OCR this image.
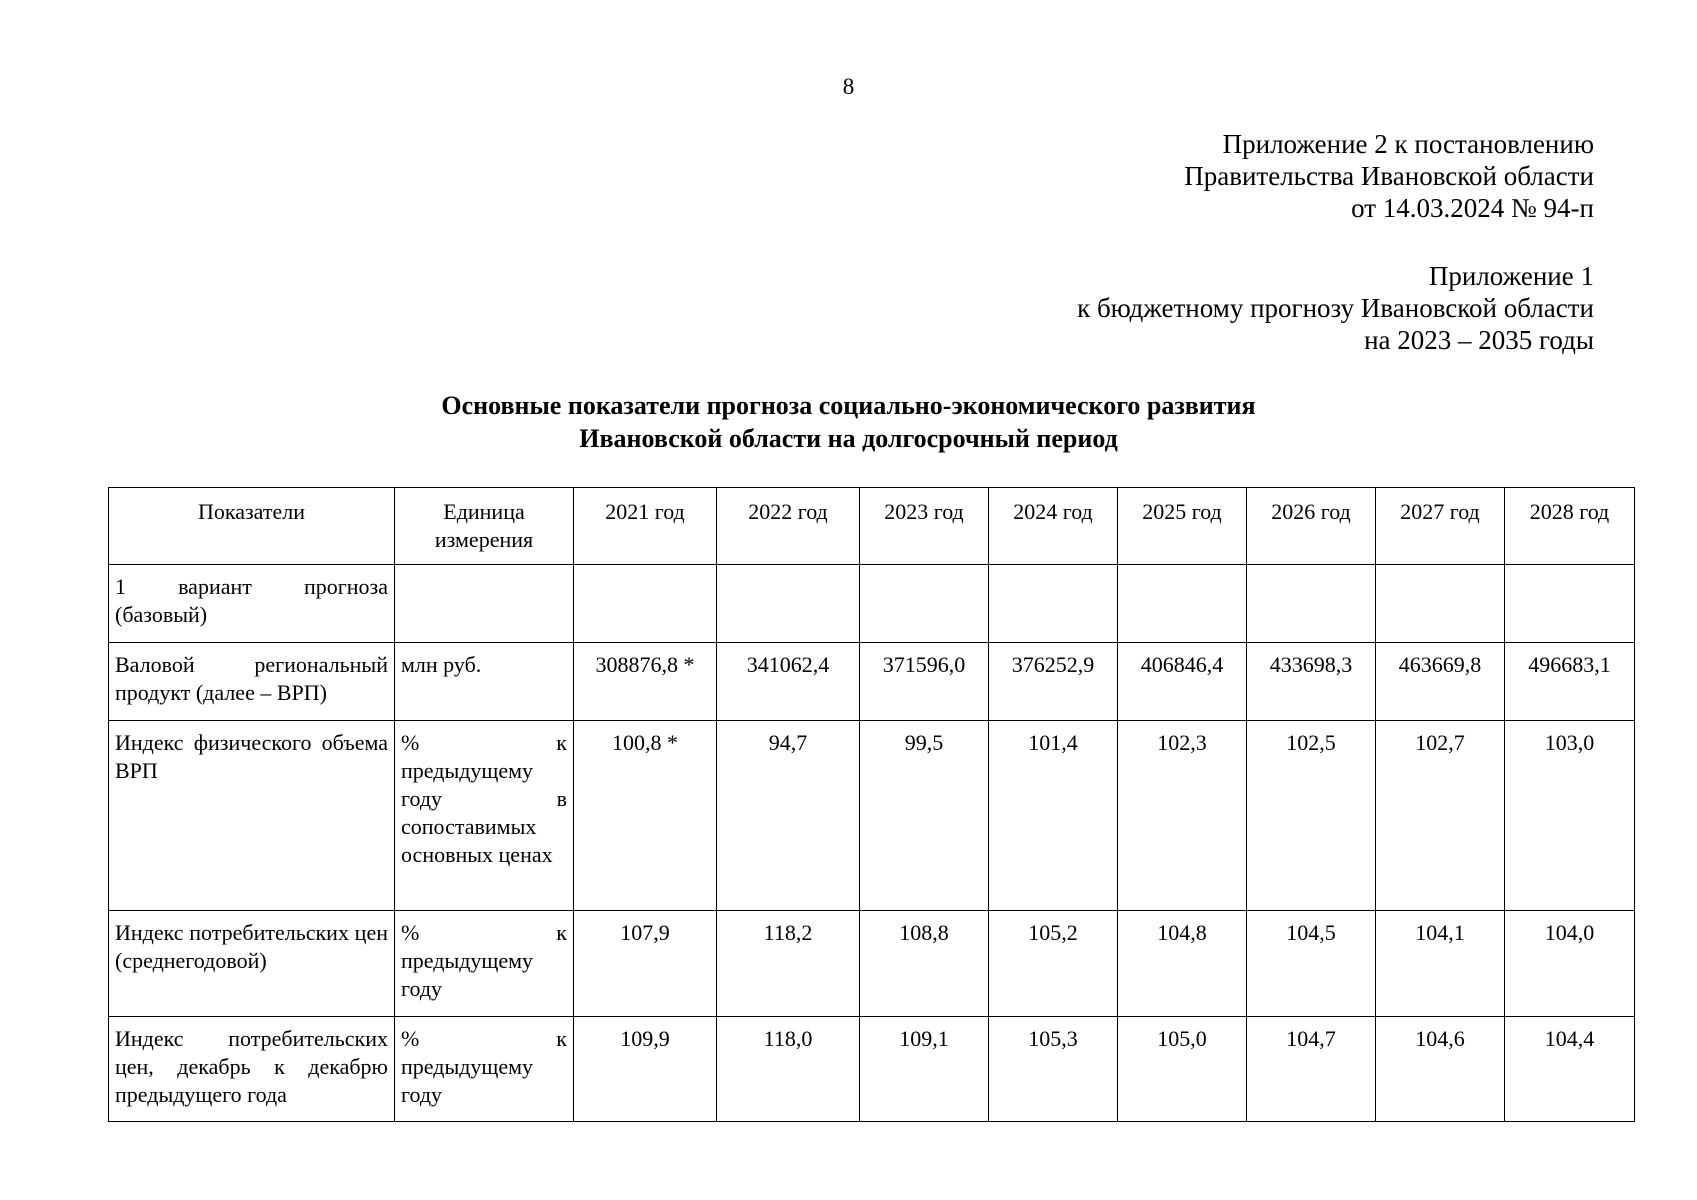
8
Приложение 2 к постановлению
Правительства Ивановской области
от 14.03.2024 № 94-п
Приложение 1
к бюджетному прогнозу Ивановской области
на 2023 – 2035 годы
Основные показатели прогноза социально-экономического развития
Ивановской области на долгосрочный период
Показатели	Единица измерения	2021 год	2022 год	2023 год	2024 год	2025 год	2026 год	2027 год	2028 год
1 вариант прогноза (базовый)									
Валовой региональный продукт (далее – ВРП)	млн руб.	308876,8 *	341062,4	371596,0	376252,9	406846,4	433698,3	463669,8	496683,1
Индекс физического объема ВРП	% к предыдущему году в сопоставимых основных ценах	100,8 *	94,7	99,5	101,4	102,3	102,5	102,7	103,0
Индекс потребительских цен (среднегодовой)	% к предыдущему году	107,9	118,2	108,8	105,2	104,8	104,5	104,1	104,0
Индекс потребительских цен, декабрь к декабрю предыдущего года	% к предыдущему году	109,9	118,0	109,1	105,3	105,0	104,7	104,6	104,4
